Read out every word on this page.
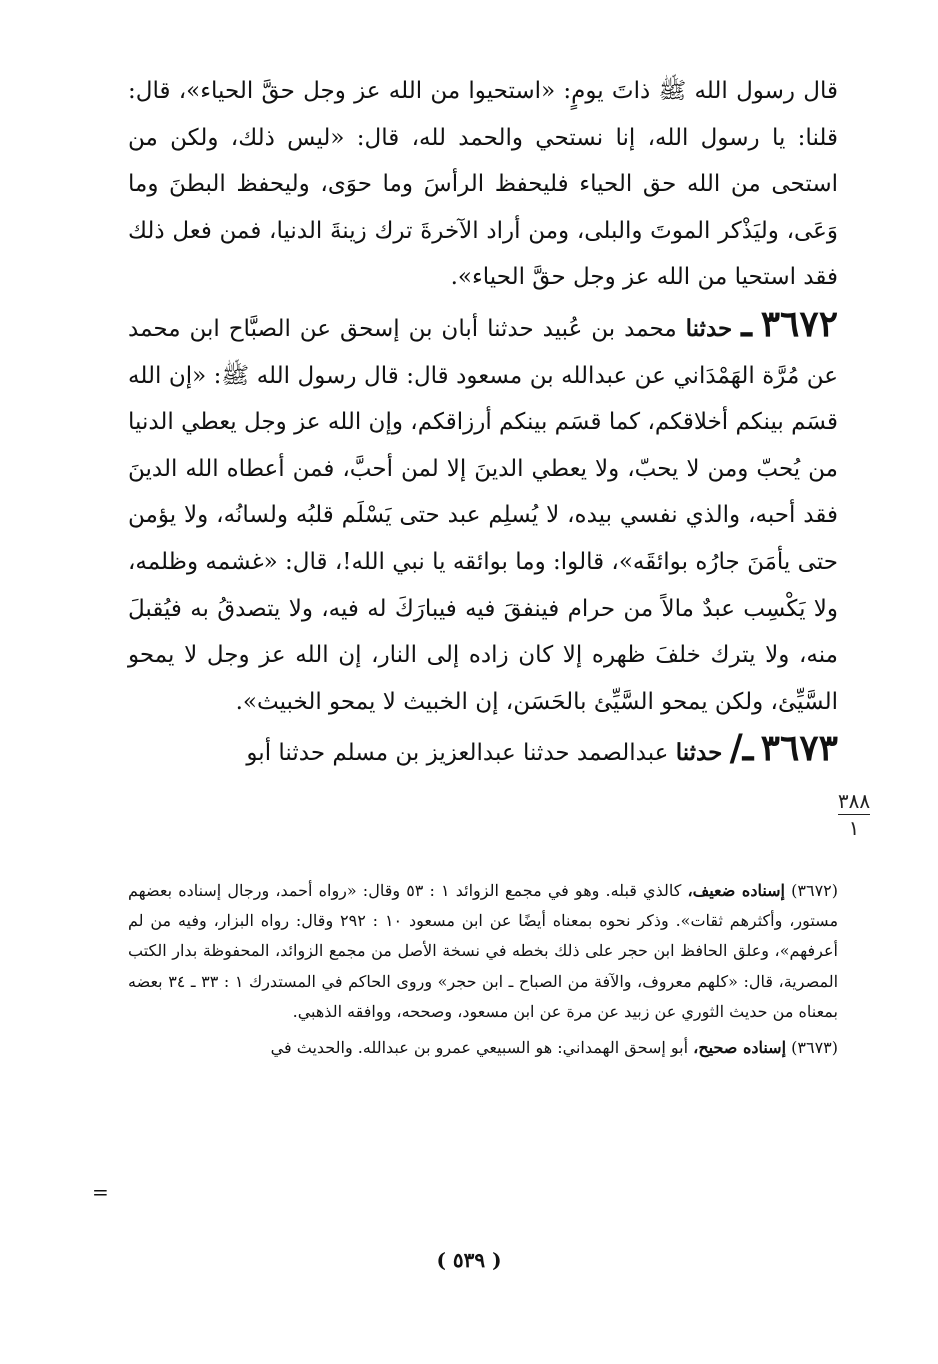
قال رسول الله ﷺ ذاتَ يومٍ: «استحيوا من الله عز وجل حقَّ الحياء»، قال: قلنا: يا رسول الله، إنا نستحي والحمد لله، قال: «ليس ذلك، ولكن من استحى من الله حق الحياء فليحفظ الرأسَ وما حوَى، وليحفظ البطنَ وما وَعَى، وليَذْكر الموتَ والبلى، ومن أراد الآخرةَ ترك زينةَ الدنيا، فمن فعل ذلك فقد استحيا من الله عز وجل حقَّ الحياء».

٣٦٧٢ ـ حدثنا محمد بن عُبيد حدثنا أبان بن إسحق عن الصبَّاح ابن محمد عن مُرَّة الهَمْدَاني عن عبدالله بن مسعود قال: قال رسول الله ﷺ: «إن الله قسَم بينكم أخلاقكم، كما قسَم بينكم أرزاقكم، وإن الله عز وجل يعطي الدنيا من يُحبّ ومن لا يحبّ، ولا يعطي الدينَ إلا لمن أحبَّ، فمن أعطاه الله الدينَ فقد أحبه، والذي نفسي بيده، لا يُسلِم عبد حتى يَسْلَم قلبُه ولسانُه، ولا يؤمن حتى يأمَنَ جارُه بوائقَه»، قالوا: وما بوائقه يا نبي الله!، قال: «غشمه وظلمه، ولا يَكْسِب عبدٌ مالاً من حرام فينفقَ فيه فيبارَكَ له فيه، ولا يتصدقُ به فيُقبلَ منه، ولا يترك خلفَ ظهره إلا كان زاده إلى النار، إن الله عز وجل لا يمحو السَّيِّئ، ولكن يمحو السَّيِّئ بالحَسَن، إن الخبيث لا يمحو الخبيث».

٣٦٧٣ ـ/ حدثنا عبدالصمد حدثنا عبدالعزيز بن مسلم حدثنا أبو

٣٨٨
١

(٣٦٧٢) إسناده ضعيف، كالذي قبله. وهو في مجمع الزوائد ١ : ٥٣ وقال: «رواه أحمد، ورجال إسناده بعضهم مستور، وأكثرهم ثقات». وذكر نحوه بمعناه أيضًا عن ابن مسعود ١٠ : ٢٩٢ وقال: رواه البزار، وفيه من لم أعرفهم»، وعلق الحافظ ابن حجر على ذلك بخطه في نسخة الأصل من مجمع الزوائد، المحفوظة بدار الكتب المصرية، قال: «كلهم معروف، والآفة من الصباح ـ ابن حجر» وروى الحاكم في المستدرك ١ : ٣٣ ـ ٣٤ بعضه بمعناه من حديث الثوري عن زبيد عن مرة عن ابن مسعود، وصححه، ووافقه الذهبي.

(٣٦٧٣) إسناده صحيح، أبو إسحق الهمداني: هو السبيعي عمرو بن عبدالله. والحديث في

=
( ٥٣٩ )
